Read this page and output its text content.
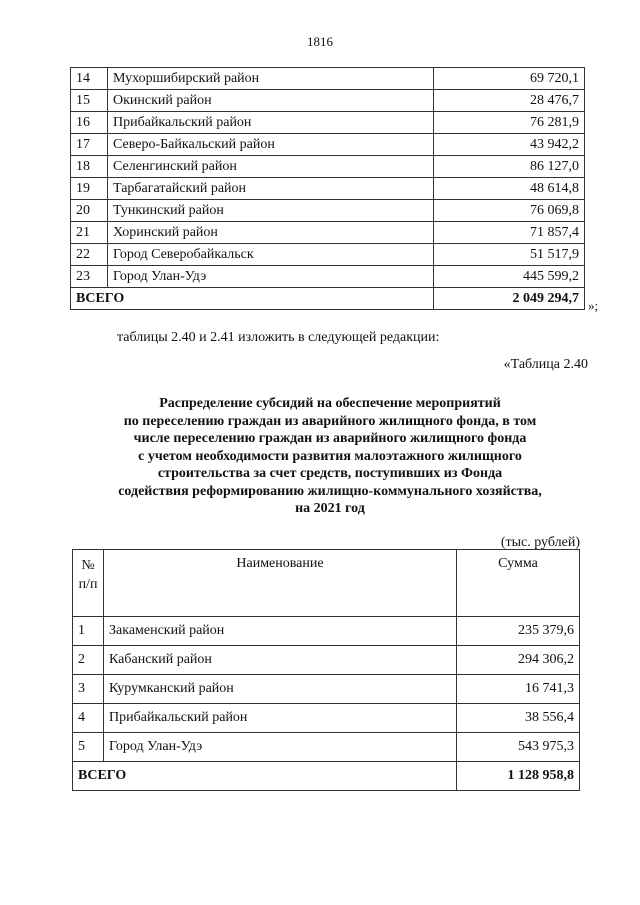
1816
14	Мухоршибирский район	69 720,1
15	Окинский район	28 476,7
16	Прибайкальский район	76 281,9
17	Северо-Байкальский район	43 942,2
18	Селенгинский район	86 127,0
19	Тарбагатайский район	48 614,8
20	Тункинский район	76 069,8
21	Хоринский район	71 857,4
22	Город Северобайкальск	51 517,9
23	Город Улан-Удэ	445 599,2
ВСЕГО		2 049 294,7 »;
таблицы 2.40 и 2.41 изложить в следующей редакции:
«Таблица 2.40
Распределение субсидий на обеспечение мероприятий
по переселению граждан из аварийного жилищного фонда, в том
числе переселению граждан из аварийного жилищного фонда
с учетом необходимости развития малоэтажного жилищного
строительства за счет средств, поступивших из Фонда
содействия реформированию жилищно-коммунального хозяйства,
на 2021 год
(тыс. рублей)
№
п/п	Наименование	Сумма
1	Закаменский район	235 379,6
2	Кабанский район	294 306,2
3	Курумканский район	16 741,3
4	Прибайкальский район	38 556,4
5	Город Улан-Удэ	543 975,3
ВСЕГО		1 128 958,8
